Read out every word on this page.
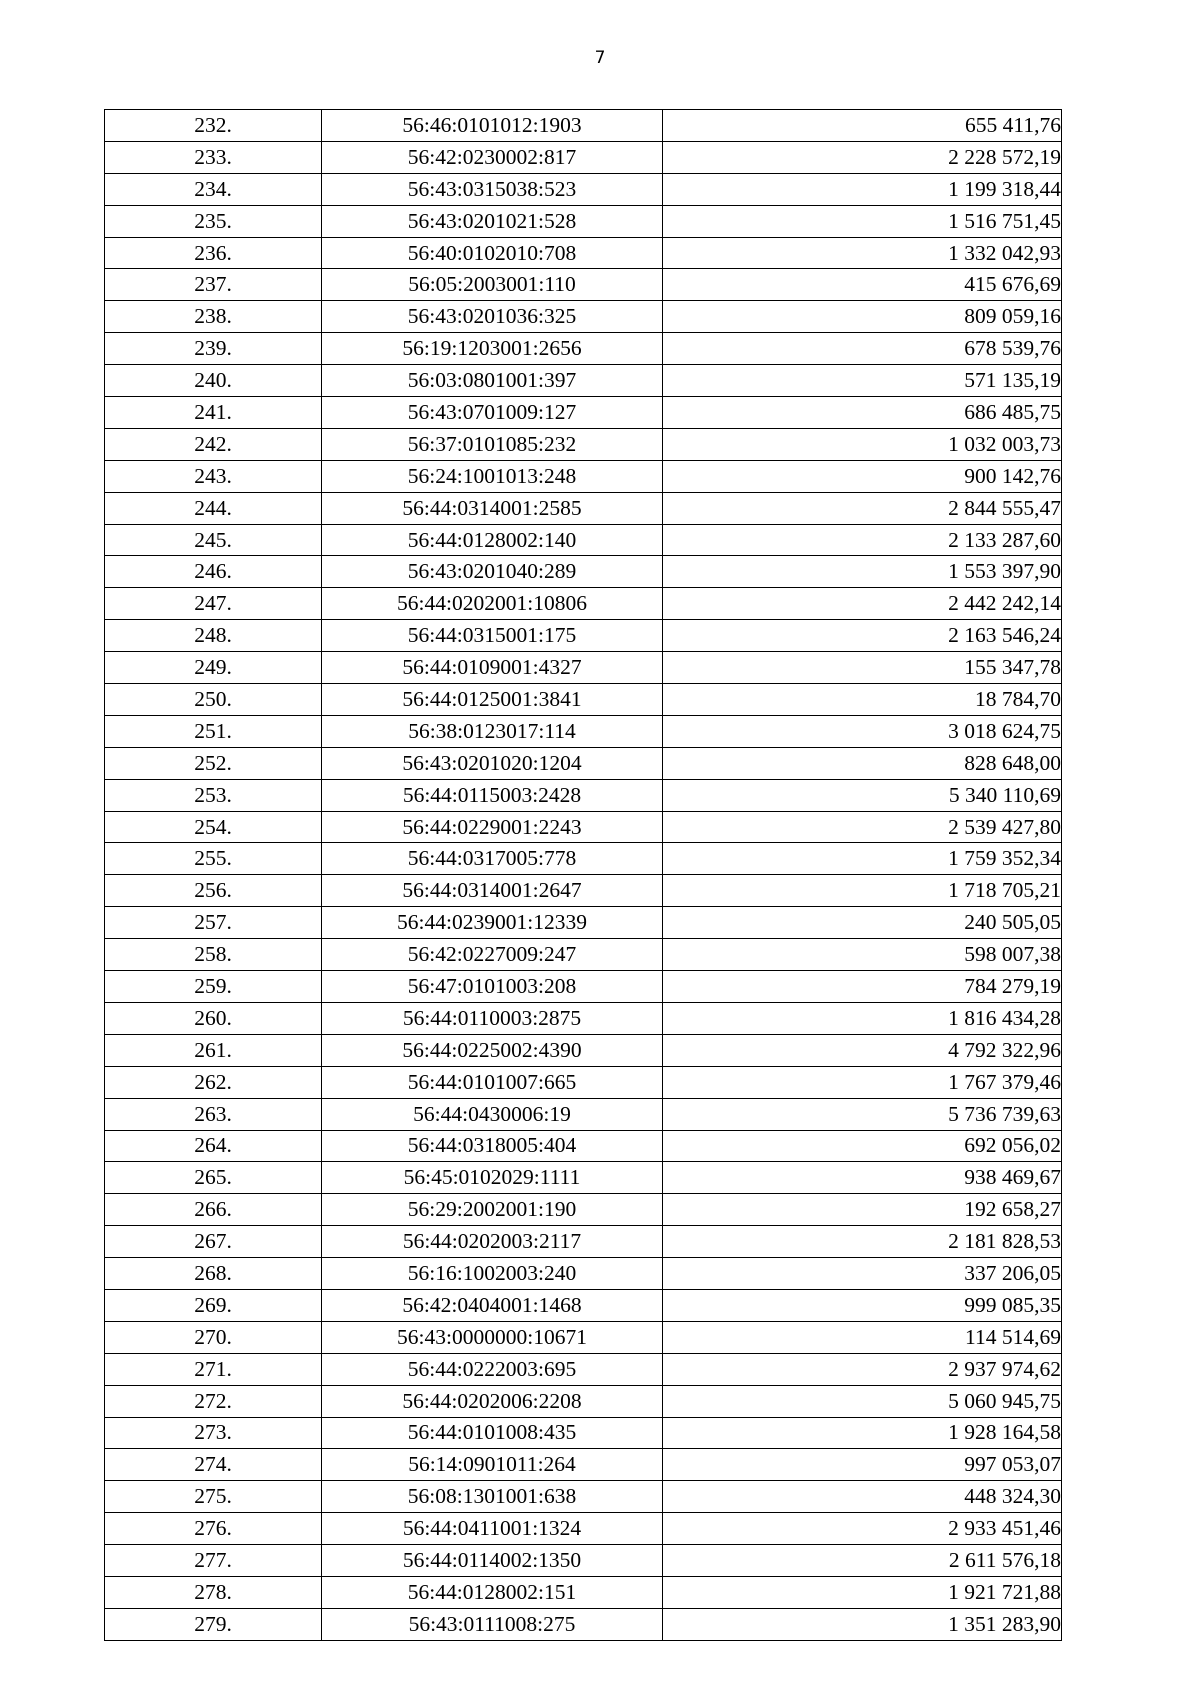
7
232.	56:46:0101012:1903	655 411,76
233.	56:42:0230002:817	2 228 572,19
234.	56:43:0315038:523	1 199 318,44
235.	56:43:0201021:528	1 516 751,45
236.	56:40:0102010:708	1 332 042,93
237.	56:05:2003001:110	415 676,69
238.	56:43:0201036:325	809 059,16
239.	56:19:1203001:2656	678 539,76
240.	56:03:0801001:397	571 135,19
241.	56:43:0701009:127	686 485,75
242.	56:37:0101085:232	1 032 003,73
243.	56:24:1001013:248	900 142,76
244.	56:44:0314001:2585	2 844 555,47
245.	56:44:0128002:140	2 133 287,60
246.	56:43:0201040:289	1 553 397,90
247.	56:44:0202001:10806	2 442 242,14
248.	56:44:0315001:175	2 163 546,24
249.	56:44:0109001:4327	155 347,78
250.	56:44:0125001:3841	18 784,70
251.	56:38:0123017:114	3 018 624,75
252.	56:43:0201020:1204	828 648,00
253.	56:44:0115003:2428	5 340 110,69
254.	56:44:0229001:2243	2 539 427,80
255.	56:44:0317005:778	1 759 352,34
256.	56:44:0314001:2647	1 718 705,21
257.	56:44:0239001:12339	240 505,05
258.	56:42:0227009:247	598 007,38
259.	56:47:0101003:208	784 279,19
260.	56:44:0110003:2875	1 816 434,28
261.	56:44:0225002:4390	4 792 322,96
262.	56:44:0101007:665	1 767 379,46
263.	56:44:0430006:19	5 736 739,63
264.	56:44:0318005:404	692 056,02
265.	56:45:0102029:1111	938 469,67
266.	56:29:2002001:190	192 658,27
267.	56:44:0202003:2117	2 181 828,53
268.	56:16:1002003:240	337 206,05
269.	56:42:0404001:1468	999 085,35
270.	56:43:0000000:10671	114 514,69
271.	56:44:0222003:695	2 937 974,62
272.	56:44:0202006:2208	5 060 945,75
273.	56:44:0101008:435	1 928 164,58
274.	56:14:0901011:264	997 053,07
275.	56:08:1301001:638	448 324,30
276.	56:44:0411001:1324	2 933 451,46
277.	56:44:0114002:1350	2 611 576,18
278.	56:44:0128002:151	1 921 721,88
279.	56:43:0111008:275	1 351 283,90
